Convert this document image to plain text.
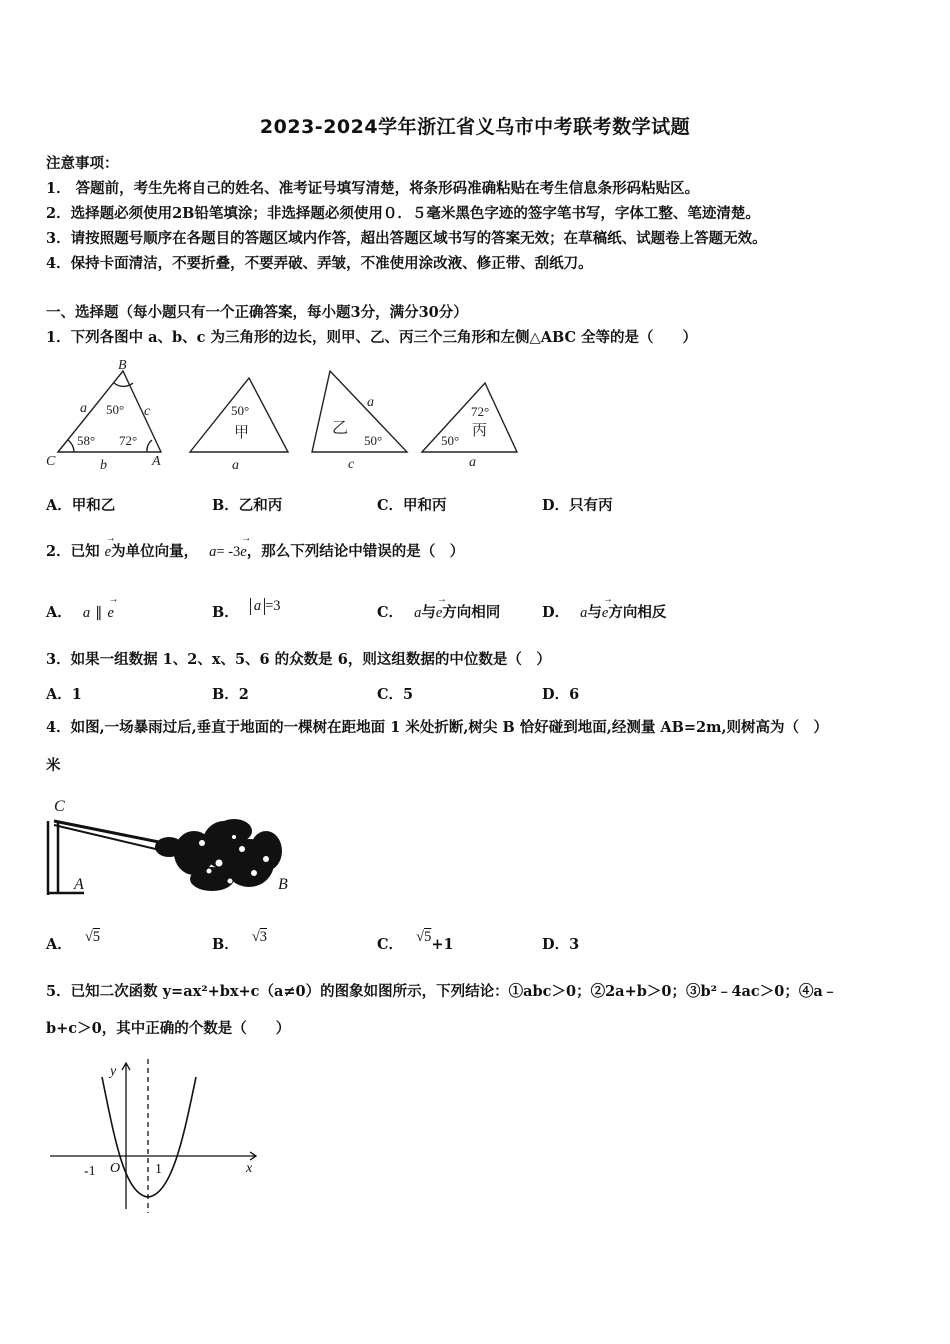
2023-2024学年浙江省义乌市中考联考数学试题
注意事项：
1． 答题前，考生先将自己的姓名、准考证号填写清楚，将条形码准确粘贴在考生信息条形码粘贴区。
2．选择题必须使用2B铅笔填涂；非选择题必须使用０．５毫米黑色字迹的签字笔书写，字体工整、笔迹清楚。
3．请按照题号顺序在各题目的答题区域内作答，超出答题区域书写的答案无效；在草稿纸、试题卷上答题无效。
4．保持卡面清洁，不要折叠，不要弄破、弄皱，不准使用涂改液、修正带、刮纸刀。
一、选择题（每小题只有一个正确答案，每小题3分，满分30分）
1．下列各图中 a、b、c 为三角形的边长，则甲、乙、丙三个三角形和左侧△ABC 全等的是（　　）
B
C	A
a
b
c
50°
58° 72°
50°
甲
a
乙
50°
a
c
72°
丙
50°
a
A．甲和乙	B．乙和丙	C．甲和丙	D．只有丙
2．已知 → e为单位向量， a= -3→ e，那么下列结论中错误的是（　）
A． a ∥ → e	B． a =3	C． a与→ e方向相同	D． a与→ e方向相反
3．如果一组数据 1、2、x、5、6 的众数是 6，则这组数据的中位数是（　）
A．1	B．2	C．5	D．6
4．如图,一场暴雨过后,垂直于地面的一棵树在距地面 1 米处折断,树尖 B 恰好碰到地面,经测量 AB=2m,则树高为（　）
米
C
A	B
A． √5	B． √3	C． √5+1	D．3
5．已知二次函数 y=ax²+bx+c（a≠0）的图象如图所示，下列结论：①abc＞0；②2a+b＞0；③b²﹣4ac＞0；④a﹣
b+c＞0，其中正确的个数是（　　）
y
x
O
-1	1
